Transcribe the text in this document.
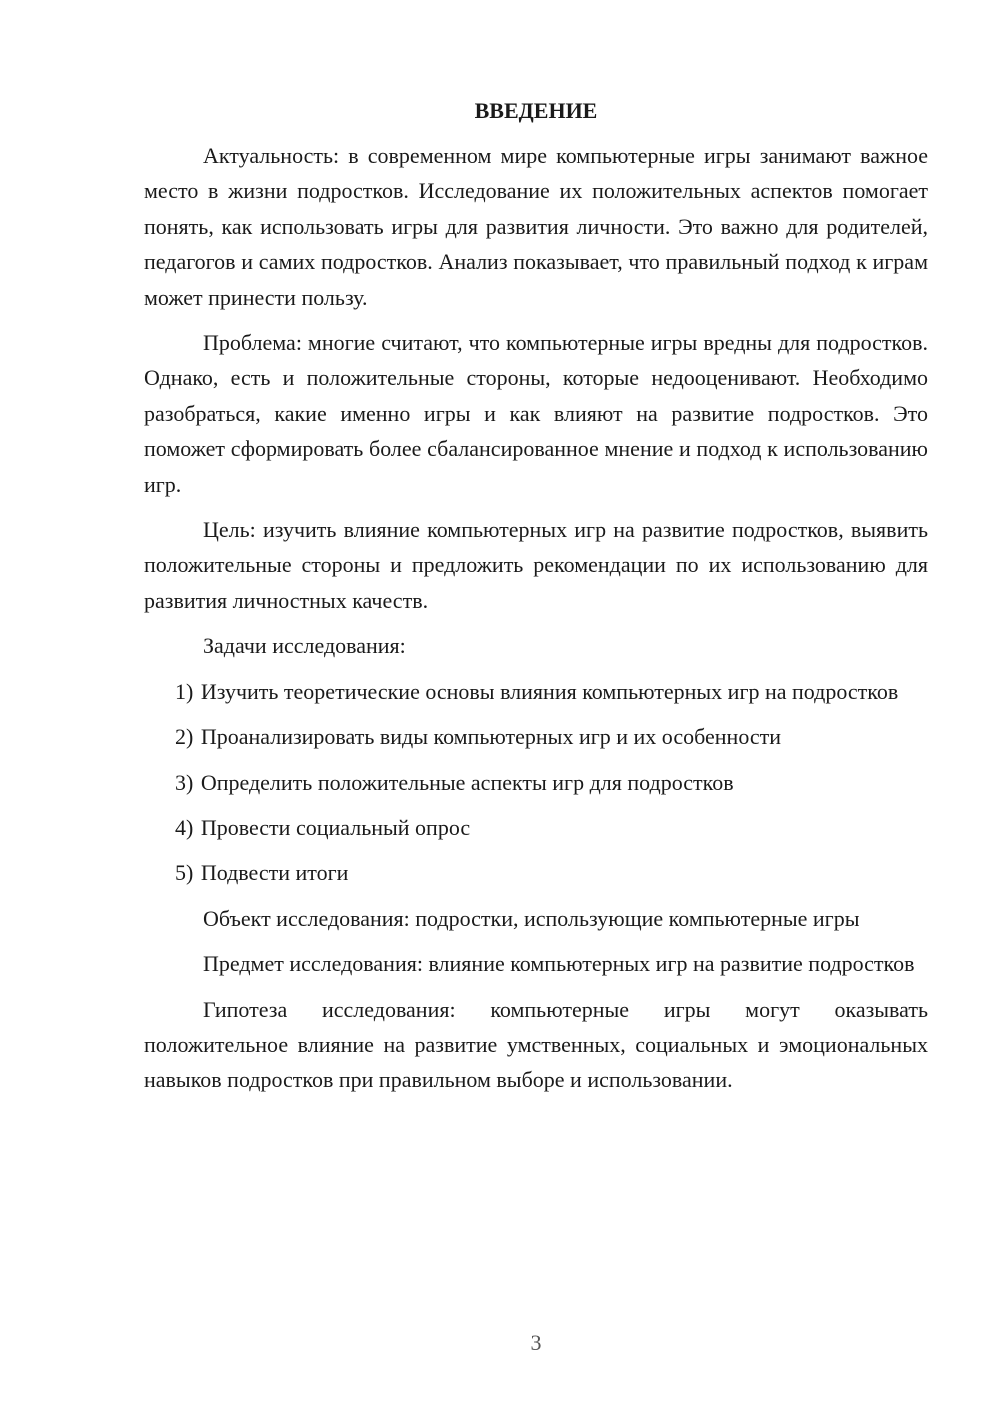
ВВЕДЕНИЕ

Актуальность: в современном мире компьютерные игры занимают важное место в жизни подростков. Исследование их положительных аспектов помогает понять, как использовать игры для развития личности. Это важно для родителей, педагогов и самих подростков. Анализ показывает, что правильный подход к играм может принести пользу.

Проблема: многие считают, что компьютерные игры вредны для подростков. Однако, есть и положительные стороны, которые недооценивают. Необходимо разобраться, какие именно игры и как влияют на развитие подростков. Это поможет сформировать более сбалансированное мнение и подход к использованию игр.

Цель: изучить влияние компьютерных игр на развитие подростков, выявить положительные стороны и предложить рекомендации по их использованию для развития личностных качеств.

Задачи исследования:

1) Изучить теоретические основы влияния компьютерных игр на подростков
2) Проанализировать виды компьютерных игр и их особенности
3) Определить положительные аспекты игр для подростков
4) Провести социальный опрос
5) Подвести итоги

Объект исследования: подростки, использующие компьютерные игры

Предмет исследования: влияние компьютерных игр на развитие подростков

Гипотеза исследования: компьютерные игры могут оказывать положительное влияние на развитие умственных, социальных и эмоциональных навыков подростков при правильном выборе и использовании.

3
